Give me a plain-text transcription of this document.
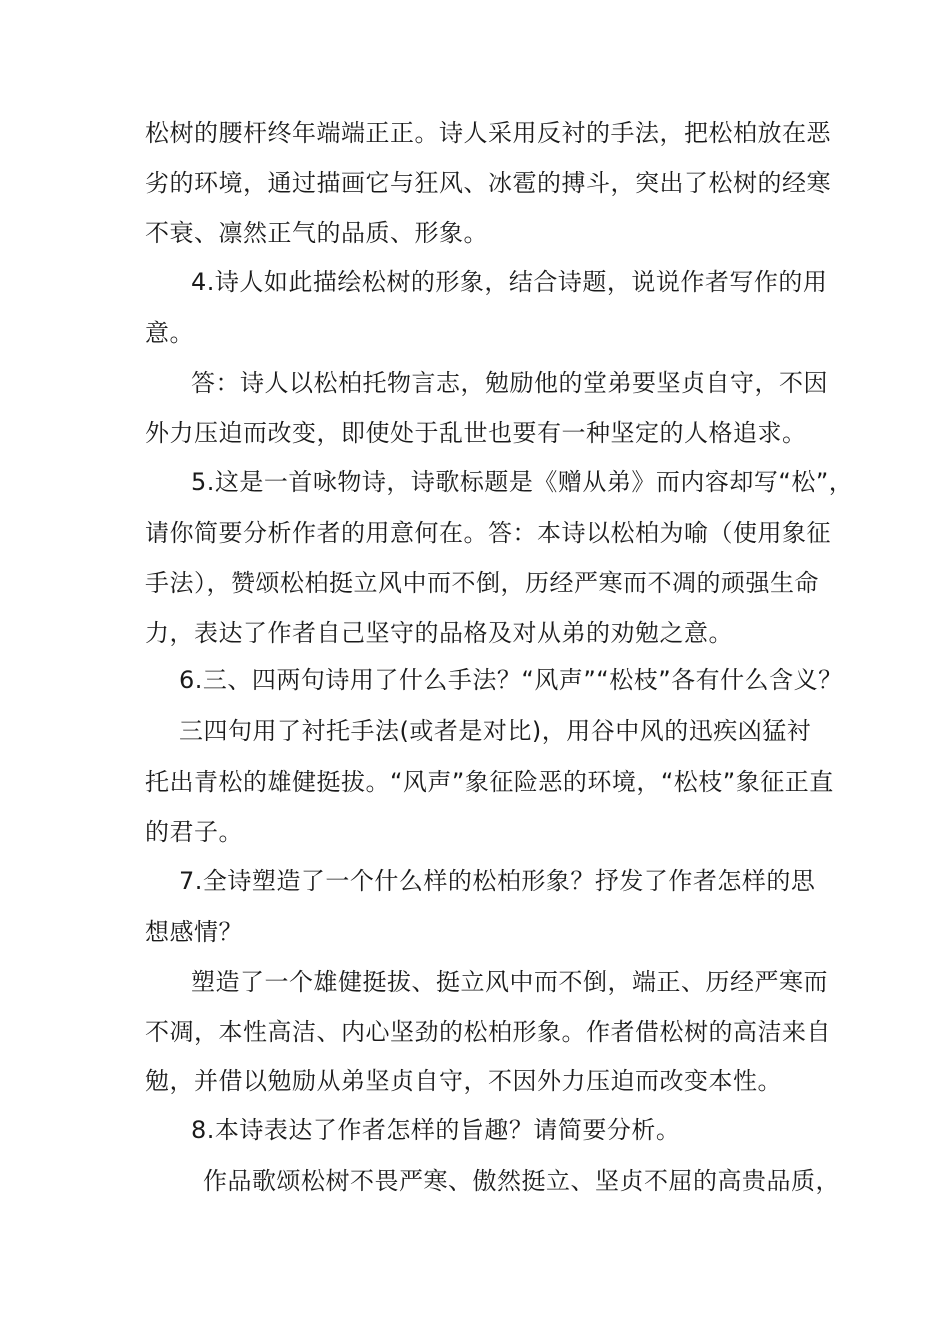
松树的腰杆终年端端正正。诗人采用反衬的手法，把松柏放在恶
劣的环境，通过描画它与狂风、冰雹的搏斗，突出了松树的经寒
不衰、凛然正气的品质、形象。
4.诗人如此描绘松树的形象，结合诗题，说说作者写作的用
意。
答：诗人以松柏托物言志，勉励他的堂弟要坚贞自守，不因
外力压迫而改变，即使处于乱世也要有一种坚定的人格追求。
5.这是一首咏物诗，诗歌标题是《赠从弟》而内容却写“松”，
请你简要分析作者的用意何在。答：本诗以松柏为喻（使用象征
手法），赞颂松柏挺立风中而不倒，历经严寒而不凋的顽强生命
力，表达了作者自己坚守的品格及对从弟的劝勉之意。
6.三、四两句诗用了什么手法？“风声”“松枝”各有什么含义？
三四句用了衬托手法(或者是对比)，用谷中风的迅疾凶猛衬
托出青松的雄健挺拔。“风声”象征险恶的环境，“松枝”象征正直
的君子。
7.全诗塑造了一个什么样的松柏形象？抒发了作者怎样的思
想感情？
塑造了一个雄健挺拔、挺立风中而不倒，端正、历经严寒而
不凋，本性高洁、内心坚劲的松柏形象。作者借松树的高洁来自
勉，并借以勉励从弟坚贞自守，不因外力压迫而改变本性。
8.本诗表达了作者怎样的旨趣？请简要分析。
作品歌颂松树不畏严寒、傲然挺立、坚贞不屈的高贵品质，
